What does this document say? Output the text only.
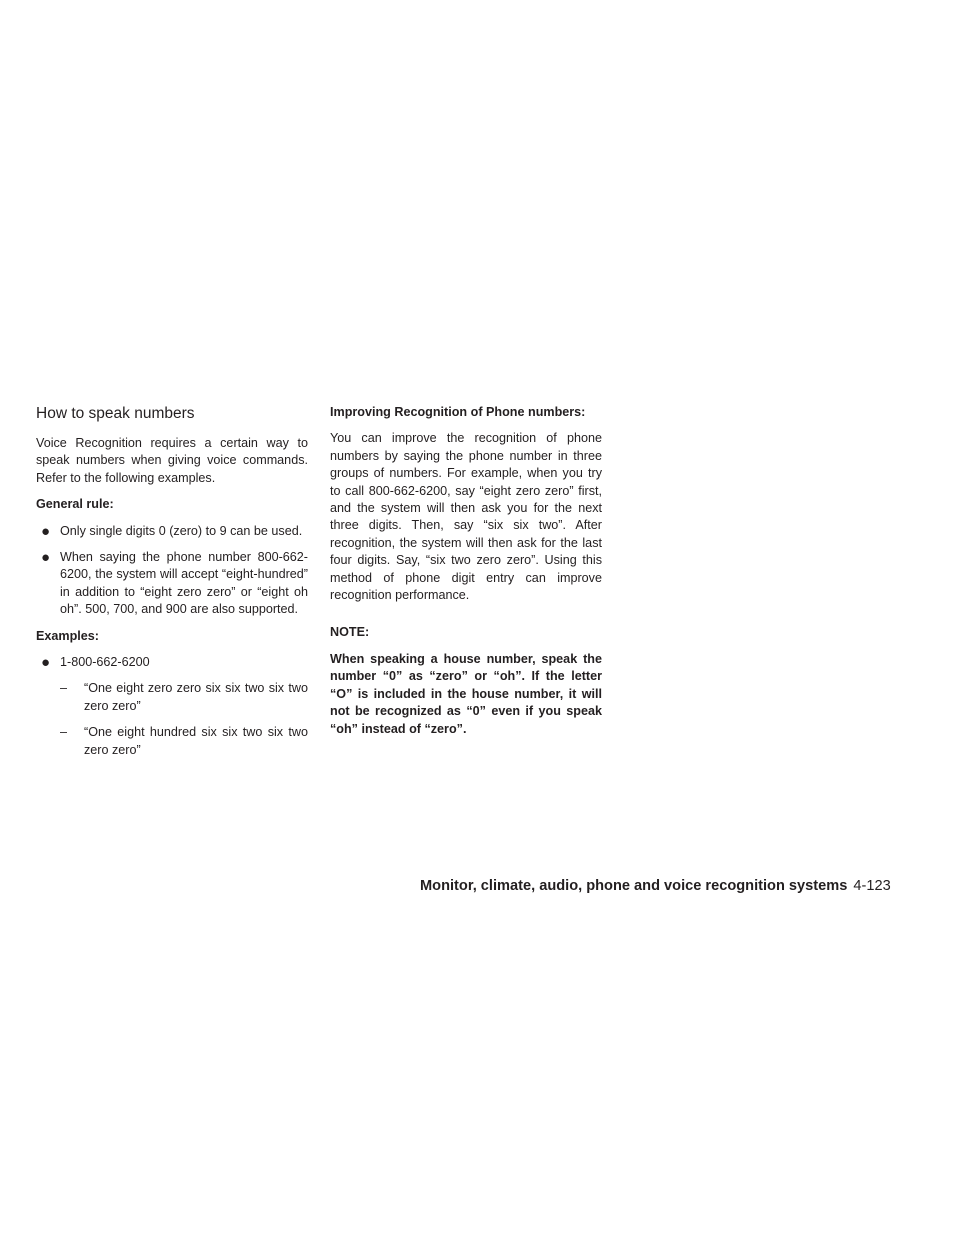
How to speak numbers

Voice Recognition requires a certain way to speak numbers when giving voice commands. Refer to the following examples.

General rule:

● Only single digits 0 (zero) to 9 can be used.
● When saying the phone number 800-662-6200, the system will accept “eight-hundred” in addition to “eight zero zero” or “eight oh oh”. 500, 700, and 900 are also supported.

Examples:

● 1-800-662-6200
– “One eight zero zero six six two six two zero zero”
– “One eight hundred six six two six two zero zero”

Improving Recognition of Phone numbers:

You can improve the recognition of phone numbers by saying the phone number in three groups of numbers. For example, when you try to call 800-662-6200, say “eight zero zero” first, and the system will then ask you for the next three digits. Then, say “six six two”. After recognition, the system will then ask for the last four digits. Say, “six two zero zero”. Using this method of phone digit entry can improve recognition performance.

NOTE:

When speaking a house number, speak the number “0” as “zero” or “oh”. If the letter “O” is included in the house number, it will not be recognized as “0” even if you speak “oh” instead of “zero”.

Monitor, climate, audio, phone and voice recognition systems 4-123
